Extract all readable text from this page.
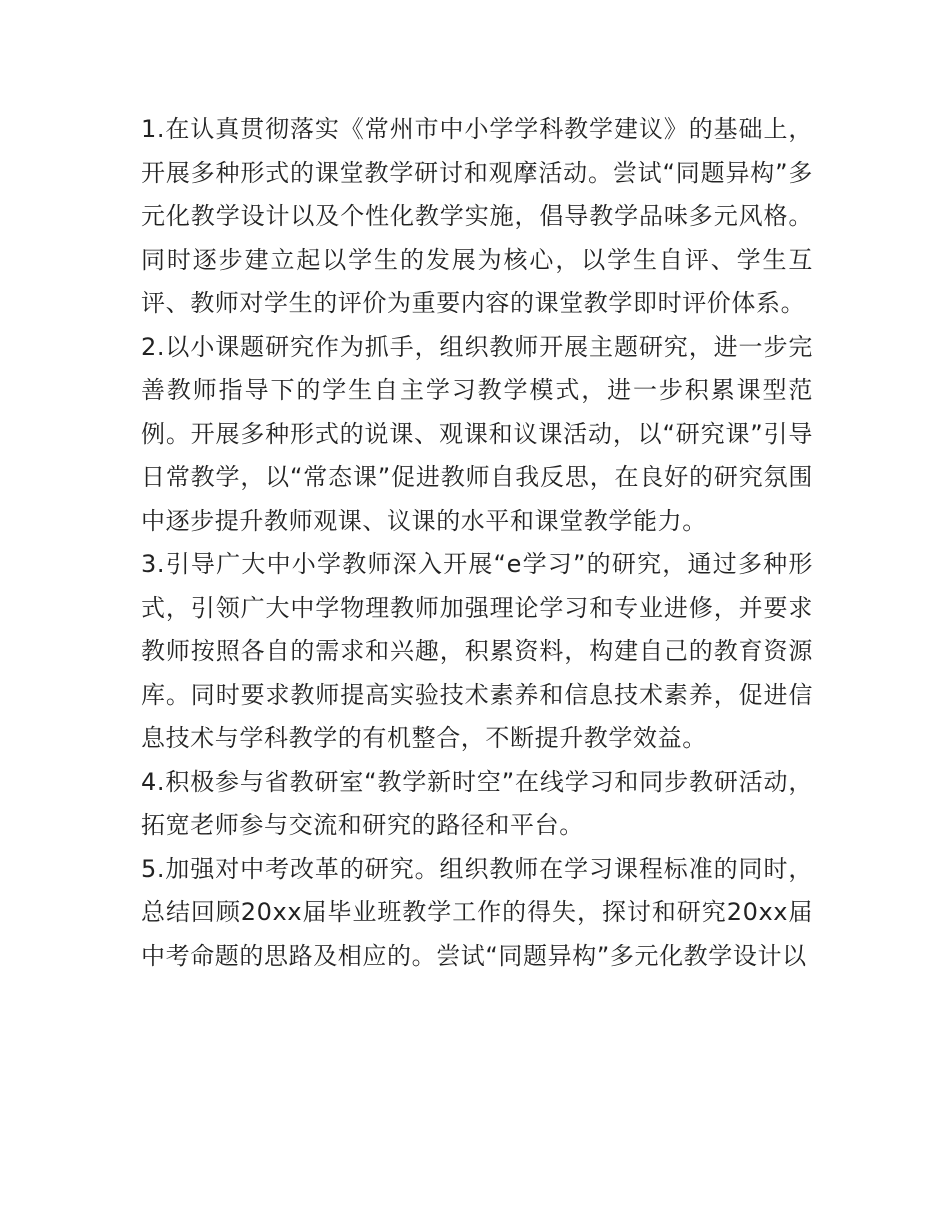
1.在认真贯彻落实《常州市中小学学科教学建议》的基础上，开展多种形式的课堂教学研讨和观摩活动。尝试“同题异构”多元化教学设计以及个性化教学实施，倡导教学品味多元风格。同时逐步建立起以学生的发展为核心，以学生自评、学生互评、教师对学生的评价为重要内容的课堂教学即时评价体系。

2.以小课题研究作为抓手，组织教师开展主题研究，进一步完善教师指导下的学生自主学习教学模式，进一步积累课型范例。开展多种形式的说课、观课和议课活动，以“研究课”引导日常教学，以“常态课”促进教师自我反思，在良好的研究氛围中逐步提升教师观课、议课的水平和课堂教学能力。

3.引导广大中小学教师深入开展“e学习”的研究，通过多种形式，引领广大中学物理教师加强理论学习和专业进修，并要求教师按照各自的需求和兴趣，积累资料，构建自己的教育资源库。同时要求教师提高实验技术素养和信息技术素养，促进信息技术与学科教学的有机整合，不断提升教学效益。

4.积极参与省教研室“教学新时空”在线学习和同步教研活动，拓宽老师参与交流和研究的路径和平台。

5.加强对中考改革的研究。组织教师在学习课程标准的同时，总结回顾20xx届毕业班教学工作的得失，探讨和研究20xx届中考命题的思路及相应的。尝试“同题异构”多元化教学设计以
